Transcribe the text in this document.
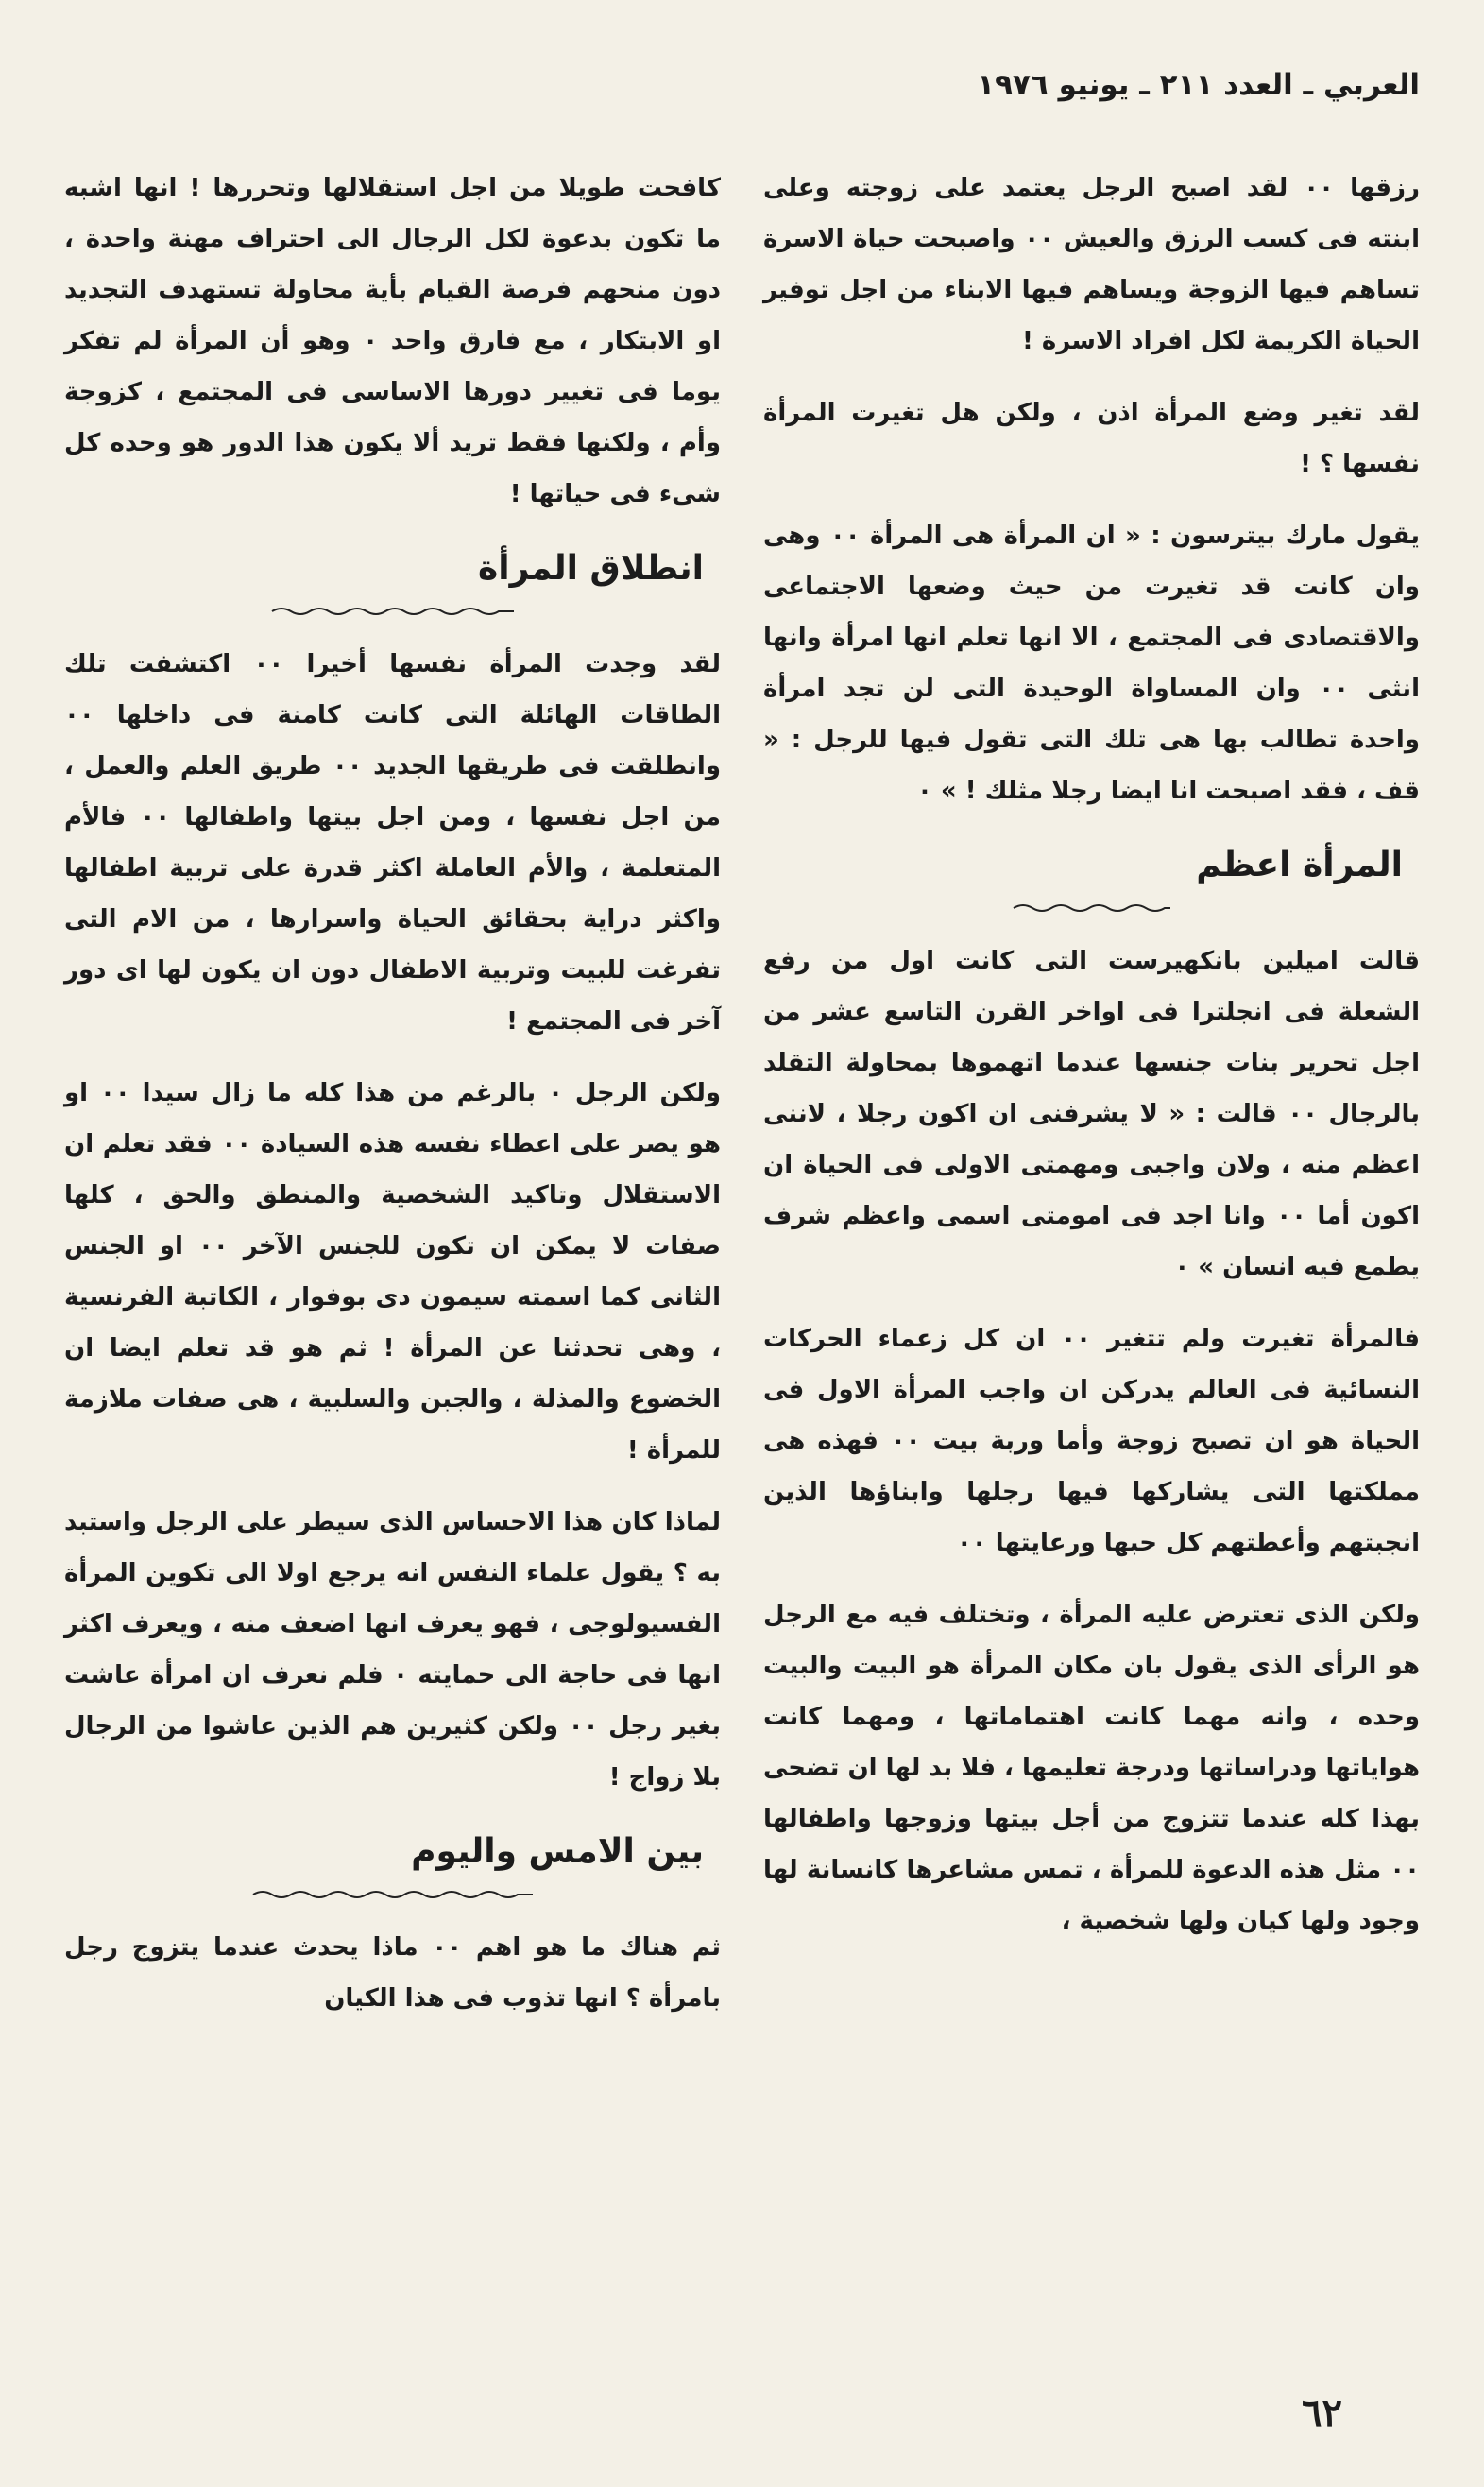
العربي ـ العدد ٢١١ ـ يونيو ١٩٧٦

رزقها ٠٠ لقد اصبح الرجل يعتمد على زوجته وعلى ابنته فى كسب الرزق والعيش ٠٠ واصبحت حياة الاسرة تساهم فيها الزوجة ويساهم فيها الابناء من اجل توفير الحياة الكريمة لكل افراد الاسرة !

لقد تغير وضع المرأة اذن ، ولكن هل تغيرت المرأة نفسها ؟ !

يقول مارك بيترسون : « ان المرأة هى المرأة ٠٠ وهى وان كانت قد تغيرت من حيث وضعها الاجتماعى والاقتصادى فى المجتمع ، الا انها تعلم انها امرأة وانها انثى ٠٠ وان المساواة الوحيدة التى لن تجد امرأة واحدة تطالب بها هى تلك التى تقول فيها للرجل : « قف ، فقد اصبحت انا ايضا رجلا مثلك ! » ٠

المرأة اعظم

قالت اميلين بانكهيرست التى كانت اول من رفع الشعلة فى انجلترا فى اواخر القرن التاسع عشر من اجل تحرير بنات جنسها عندما اتهموها بمحاولة التقلد بالرجال ٠٠ قالت : « لا يشرفنى ان اكون رجلا ، لاننى اعظم منه ، ولان واجبى ومهمتى الاولى فى الحياة ان اكون أما ٠٠ وانا اجد فى امومتى اسمى واعظم شرف يطمع فيه انسان » ٠

فالمرأة تغيرت ولم تتغير ٠٠ ان كل زعماء الحركات النسائية فى العالم يدركن ان واجب المرأة الاول فى الحياة هو ان تصبح زوجة وأما وربة بيت ٠٠ فهذه هى مملكتها التى يشاركها فيها رجلها وابناؤها الذين انجبتهم وأعطتهم كل حبها ورعايتها ٠٠

ولكن الذى تعترض عليه المرأة ، وتختلف فيه مع الرجل هو الرأى الذى يقول بان مكان المرأة هو البيت والبيت وحده ، وانه مهما كانت اهتماماتها ، ومهما كانت هواياتها ودراساتها ودرجة تعليمها ، فلا بد لها ان تضحى بهذا كله عندما تتزوج من أجل بيتها وزوجها واطفالها ٠٠ مثل هذه الدعوة للمرأة ، تمس مشاعرها كانسانة لها وجود ولها كيان ولها شخصية ،

كافحت طويلا من اجل استقلالها وتحررها ! انها اشبه ما تكون بدعوة لكل الرجال الى احتراف مهنة واحدة ، دون منحهم فرصة القيام بأية محاولة تستهدف التجديد او الابتكار ، مع فارق واحد ٠ وهو أن المرأة لم تفكر يوما فى تغيير دورها الاساسى فى المجتمع ، كزوجة وأم ، ولكنها فقط تريد ألا يكون هذا الدور هو وحده كل شىء فى حياتها !

انطلاق المرأة

لقد وجدت المرأة نفسها أخيرا ٠٠ اكتشفت تلك الطاقات الهائلة التى كانت كامنة فى داخلها ٠٠ وانطلقت فى طريقها الجديد ٠٠ طريق العلم والعمل ، من اجل نفسها ، ومن اجل بيتها واطفالها ٠٠ فالأم المتعلمة ، والأم العاملة اكثر قدرة على تربية اطفالها واكثر دراية بحقائق الحياة واسرارها ، من الام التى تفرغت للبيت وتربية الاطفال دون ان يكون لها اى دور آخر فى المجتمع !

ولكن الرجل ٠ بالرغم من هذا كله ما زال سيدا ٠٠ او هو يصر على اعطاء نفسه هذه السيادة ٠٠ فقد تعلم ان الاستقلال وتاكيد الشخصية والمنطق والحق ، كلها صفات لا يمكن ان تكون للجنس الآخر ٠٠ او الجنس الثانى كما اسمته سيمون دى بوفوار ، الكاتبة الفرنسية ، وهى تحدثنا عن المرأة ! ثم هو قد تعلم ايضا ان الخضوع والمذلة ، والجبن والسلبية ، هى صفات ملازمة للمرأة !

لماذا كان هذا الاحساس الذى سيطر على الرجل واستبد به ؟ يقول علماء النفس انه يرجع اولا الى تكوين المرأة الفسيولوجى ، فهو يعرف انها اضعف منه ، ويعرف اكثر انها فى حاجة الى حمايته ٠ فلم نعرف ان امرأة عاشت بغير رجل ٠٠ ولكن كثيرين هم الذين عاشوا من الرجال بلا زواج !

بين الامس واليوم

ثم هناك ما هو اهم ٠٠ ماذا يحدث عندما يتزوج رجل بامرأة ؟ انها تذوب فى هذا الكيان

٦٢
